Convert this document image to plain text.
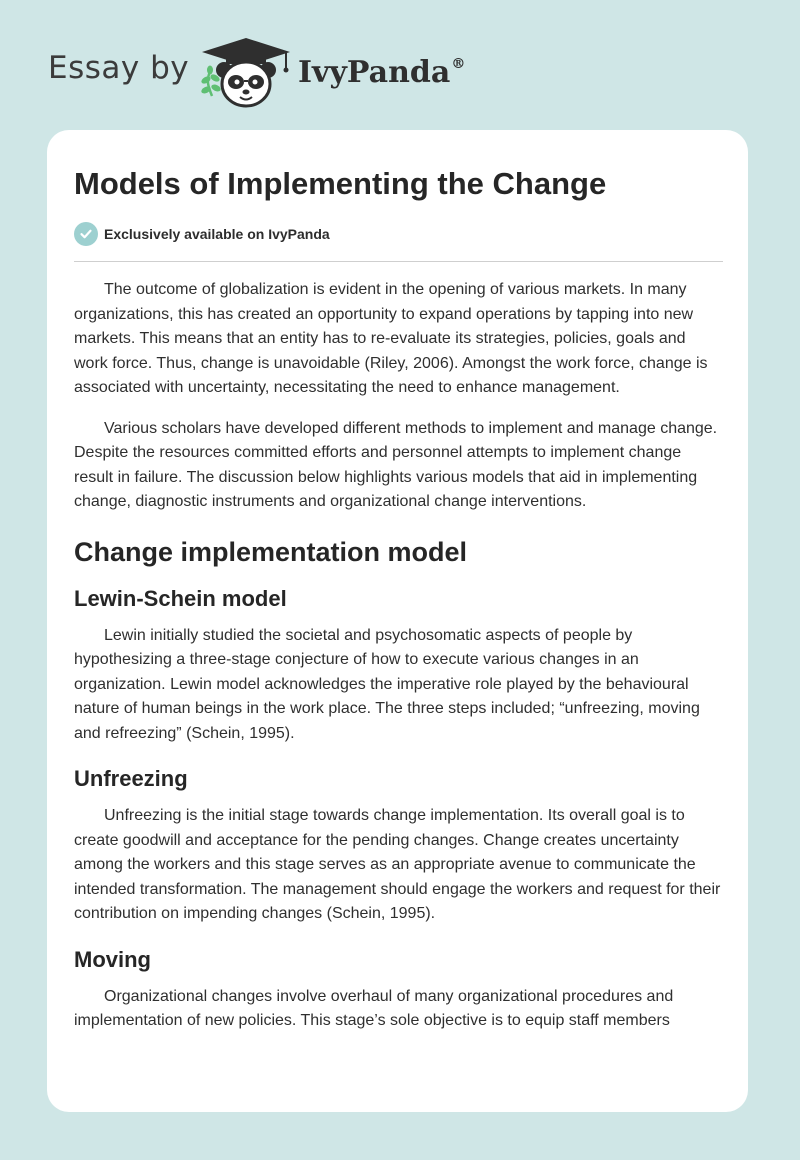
Essay by	IvyPanda®
Models of Implementing the Change
Exclusively available on IvyPanda

The outcome of globalization is evident in the opening of various markets. In many organizations, this has created an opportunity to expand operations by tapping into new markets. This means that an entity has to re-evaluate its strategies, policies, goals and work force. Thus, change is unavoidable (Riley, 2006). Amongst the work force, change is associated with uncertainty, necessitating the need to enhance management.

Various scholars have developed different methods to implement and manage change. Despite the resources committed efforts and personnel attempts to implement change result in failure. The discussion below highlights various models that aid in implementing change, diagnostic instruments and organizational change interventions.

Change implementation model
Lewin-Schein model

Lewin initially studied the societal and psychosomatic aspects of people by hypothesizing a three-stage conjecture of how to execute various changes in an organization. Lewin model acknowledges the imperative role played by the behavioural nature of human beings in the work place. The three steps included; “unfreezing, moving and refreezing” (Schein, 1995).

Unfreezing

Unfreezing is the initial stage towards change implementation. Its overall goal is to create goodwill and acceptance for the pending changes. Change creates uncertainty among the workers and this stage serves as an appropriate avenue to communicate the intended transformation. The management should engage the workers and request for their contribution on impending changes (Schein, 1995).

Moving

Organizational changes involve overhaul of many organizational procedures and implementation of new policies. This stage’s sole objective is to equip staff members
